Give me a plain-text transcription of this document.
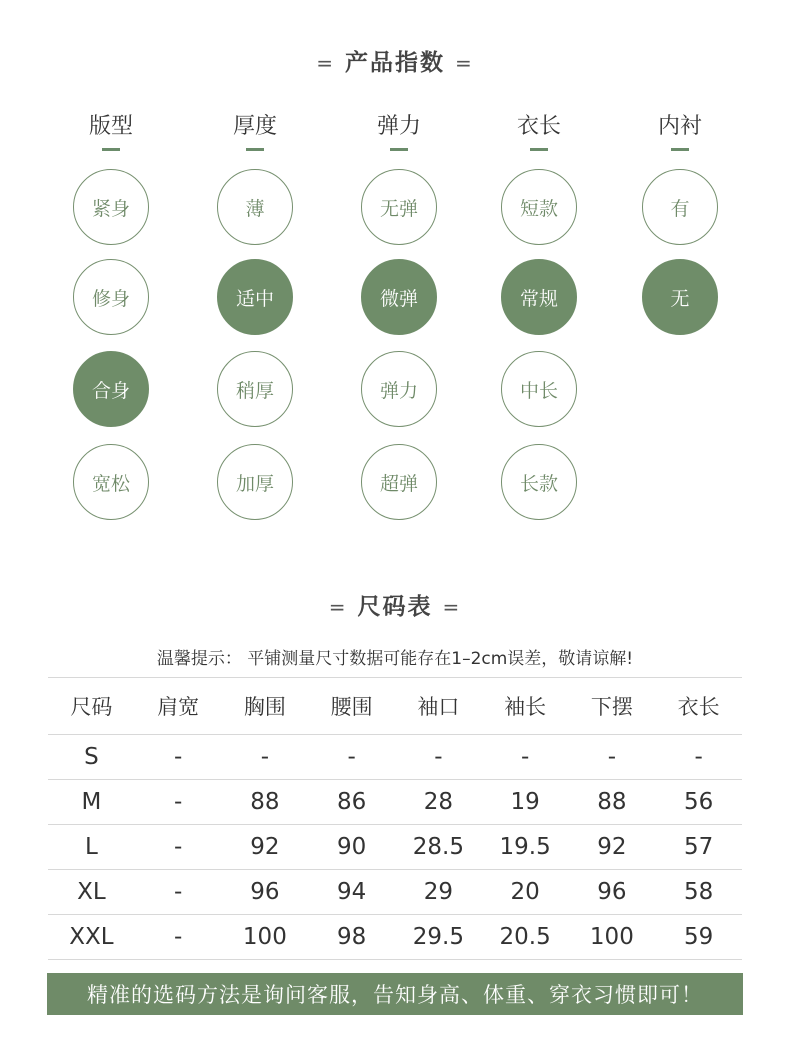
= 产品指数 =
版型
紧身
修身
合身
宽松
厚度
薄
适中
稍厚
加厚
弹力
无弹
微弹
弹力
超弹
衣长
短款
常规
中长
长款
内衬
有
无
= 尺码表 =
温馨提示： 平铺测量尺寸数据可能存在1–2cm误差，敬请谅解!
尺码	肩宽	胸围	腰围	袖口	袖长	下摆	衣长
S	-	-	-	-	-	-	-
M	-	88	86	28	19	88	56
L	-	92	90	28.5	19.5	92	57
XL	-	96	94	29	20	96	58
XXL	-	100	98	29.5	20.5	100	59
精准的选码方法是询问客服，告知身高、体重、穿衣习惯即可！
